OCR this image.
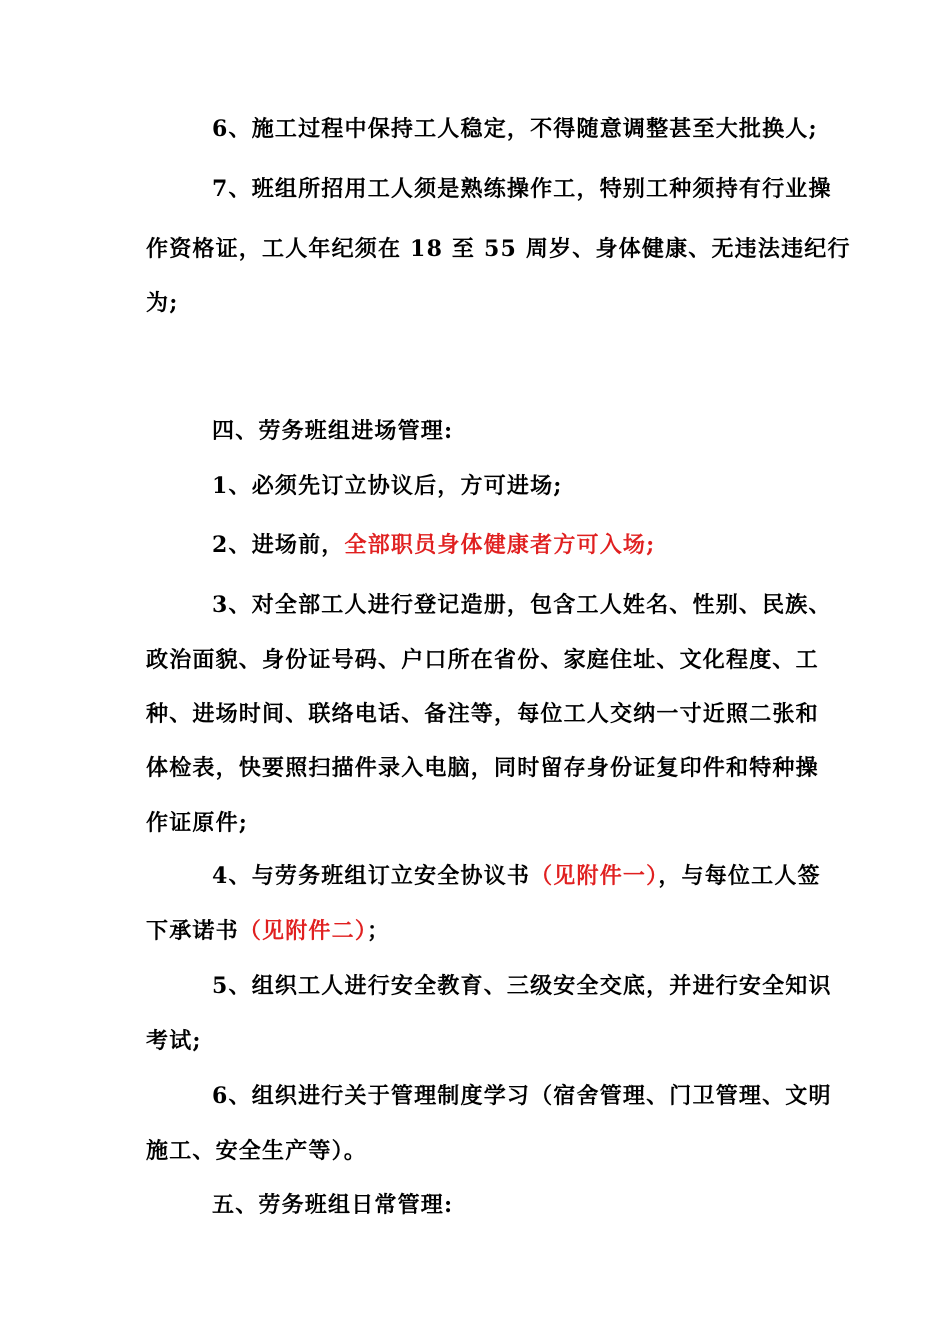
6、施工过程中保持工人稳定，不得随意调整甚至大批换人;
7、班组所招用工人须是熟练操作工，特别工种须持有行业操
作资格证，工人年纪须在 18 至 55 周岁、身体健康、无违法违纪行
为;
四、劳务班组进场管理:
1、必须先订立协议后，方可进场;
2、进场前，全部职员身体健康者方可入场;
3、对全部工人进行登记造册，包含工人姓名、性别、民族、
政治面貌、身份证号码、户口所在省份、家庭住址、文化程度、工
种、进场时间、联络电话、备注等，每位工人交纳一寸近照二张和
体检表，快要照扫描件录入电脑，同时留存身份证复印件和特种操
作证原件;
4、与劳务班组订立安全协议书（见附件一），与每位工人签
下承诺书（见附件二）；
5、组织工人进行安全教育、三级安全交底，并进行安全知识
考试;
6、组织进行关于管理制度学习（宿舍管理、门卫管理、文明
施工、安全生产等）。
五、劳务班组日常管理:
